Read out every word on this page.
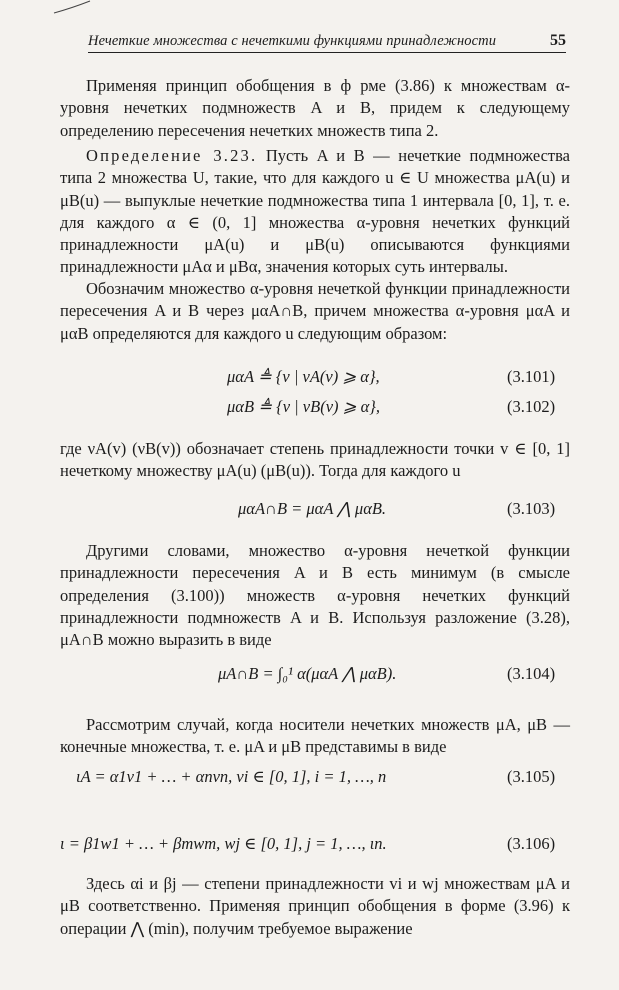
Нечеткие множества с нечеткими функциями принадлежности	55

Применяя принцип обобщения в ф рме (3.86) к множествам α-уровня нечетких подмножеств A и B, придем к следующему определению пересечения нечетких множеств типа 2.

Определение 3.23. Пусть A и B — нечеткие подмножества типа 2 множества U, такие, что для каждого u ∈ U множества μA(u) и μB(u) — выпуклые нечеткие подмножества типа 1 интервала [0, 1], т. е. для каждого α ∈ (0, 1] множества α-уровня нечетких функций принадлежности μA(u) и μB(u) описываются функциями принадлежности μAα и μBα, значения которых суть интервалы.

Обозначим множество α-уровня нечеткой функции принадлежности пересечения A и B через μαA∩B, причем множества α-уровня μαA и μαB определяются для каждого u следующим образом:

μαA ≜ {v | νA(v) ⩾ α},	(3.101)
μαB ≜ {v | νB(v) ⩾ α},	(3.102)

где νA(v) (νB(v)) обозначает степень принадлежности точки v ∈ [0, 1] нечеткому множеству μA(u) (μB(u)). Тогда для каждого u

μαA∩B = μαA ⋀ μαB.	(3.103)

Другими словами, множество α-уровня нечеткой функции принадлежности пересечения A и B есть минимум (в смысле определения (3.100)) множеств α-уровня нечетких функций принадлежности подмножеств A и B. Используя разложение (3.28), μA∩B можно выразить в виде

μA∩B = ∫₀¹ α(μαA ⋀ μαB).	(3.104)

Рассмотрим случай, когда носители нечетких множеств μA, μB — конечные множества, т. е. μA и μB представимы в виде

ιA = α1v1 + … + αnvn, vi ∈ [0, 1], i = 1, …, n	(3.105)
ι = β1w1 + … + βmwm, wj ∈ [0, 1], j = 1, …, ιn.	(3.106)

Здесь αi и βj — степени принадлежности vi и wj множествам μA и μB соответственно. Применяя принцип обобщения в форме (3.96) к операции ⋀ (min), получим требуемое выражение
